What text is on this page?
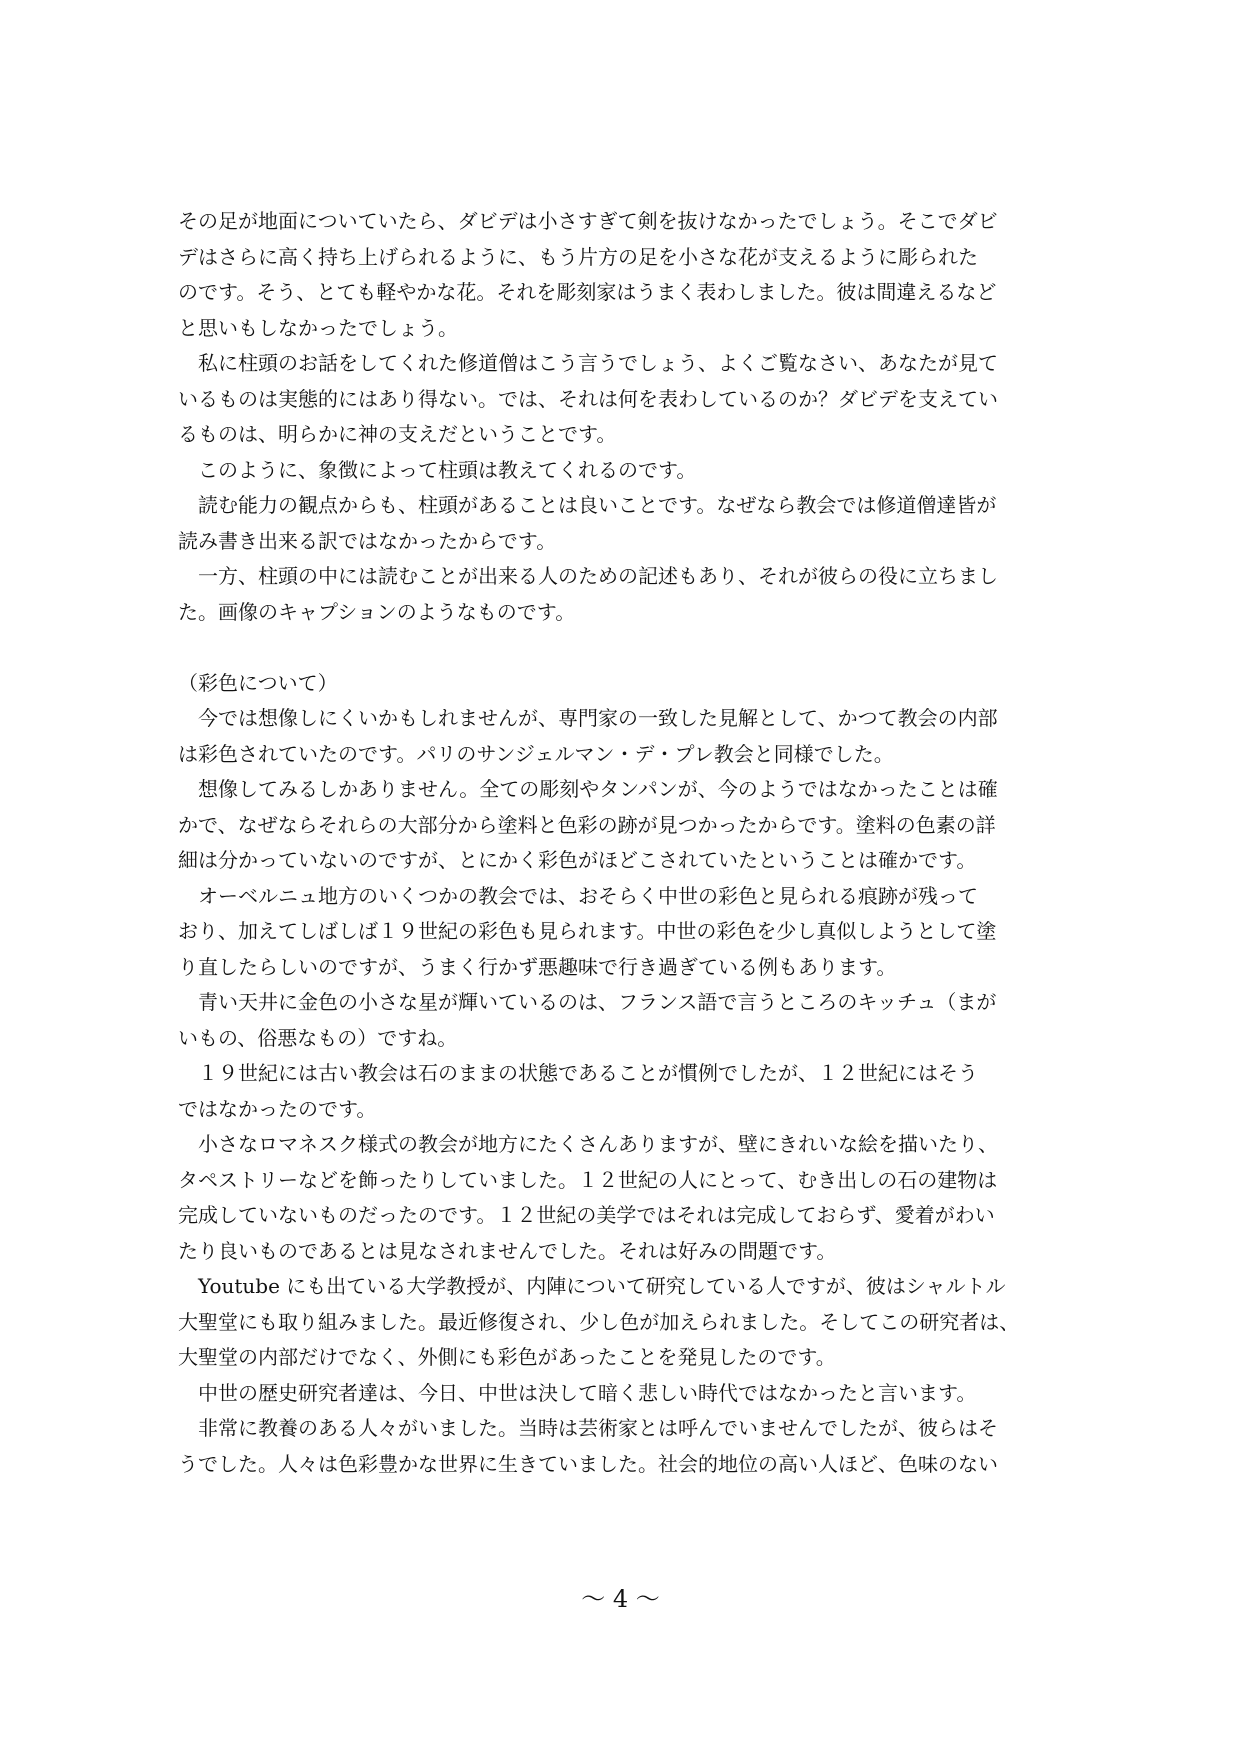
その足が地面についていたら、ダビデは小さすぎて剣を抜けなかったでしょう。そこでダビ
デはさらに高く持ち上げられるように、もう片方の足を小さな花が支えるように彫られた
のです。そう、とても軽やかな花。それを彫刻家はうまく表わしました。彼は間違えるなど
と思いもしなかったでしょう。
　私に柱頭のお話をしてくれた修道僧はこう言うでしょう、よくご覧なさい、あなたが見て
いるものは実態的にはあり得ない。では、それは何を表わしているのか？ダビデを支えてい
るものは、明らかに神の支えだということです。
　このように、象徴によって柱頭は教えてくれるのです。
　読む能力の観点からも、柱頭があることは良いことです。なぜなら教会では修道僧達皆が
読み書き出来る訳ではなかったからです。
　一方、柱頭の中には読むことが出来る人のための記述もあり、それが彼らの役に立ちまし
た。画像のキャプションのようなものです。
（彩色について）
　今では想像しにくいかもしれませんが、専門家の一致した見解として、かつて教会の内部
は彩色されていたのです。パリのサンジェルマン・デ・プレ教会と同様でした。
　想像してみるしかありません。全ての彫刻やタンパンが、今のようではなかったことは確
かで、なぜならそれらの大部分から塗料と色彩の跡が見つかったからです。塗料の色素の詳
細は分かっていないのですが、とにかく彩色がほどこされていたということは確かです。
　オーベルニュ地方のいくつかの教会では、おそらく中世の彩色と見られる痕跡が残って
おり、加えてしばしば１９世紀の彩色も見られます。中世の彩色を少し真似しようとして塗
り直したらしいのですが、うまく行かず悪趣味で行き過ぎている例もあります。
　青い天井に金色の小さな星が輝いているのは、フランス語で言うところのキッチュ（まが
いもの、俗悪なもの）ですね。
　１９世紀には古い教会は石のままの状態であることが慣例でしたが、１２世紀にはそう
ではなかったのです。
　小さなロマネスク様式の教会が地方にたくさんありますが、壁にきれいな絵を描いたり、
タペストリーなどを飾ったりしていました。１２世紀の人にとって、むき出しの石の建物は
完成していないものだったのです。１２世紀の美学ではそれは完成しておらず、愛着がわい
たり良いものであるとは見なされませんでした。それは好みの問題です。
　Youtube にも出ている大学教授が、内陣について研究している人ですが、彼はシャルトル
大聖堂にも取り組みました。最近修復され、少し色が加えられました。そしてこの研究者は、
大聖堂の内部だけでなく、外側にも彩色があったことを発見したのです。
　中世の歴史研究者達は、今日、中世は決して暗く悲しい時代ではなかったと言います。
　非常に教養のある人々がいました。当時は芸術家とは呼んでいませんでしたが、彼らはそ
うでした。人々は色彩豊かな世界に生きていました。社会的地位の高い人ほど、色味のない
～ 4 ～
